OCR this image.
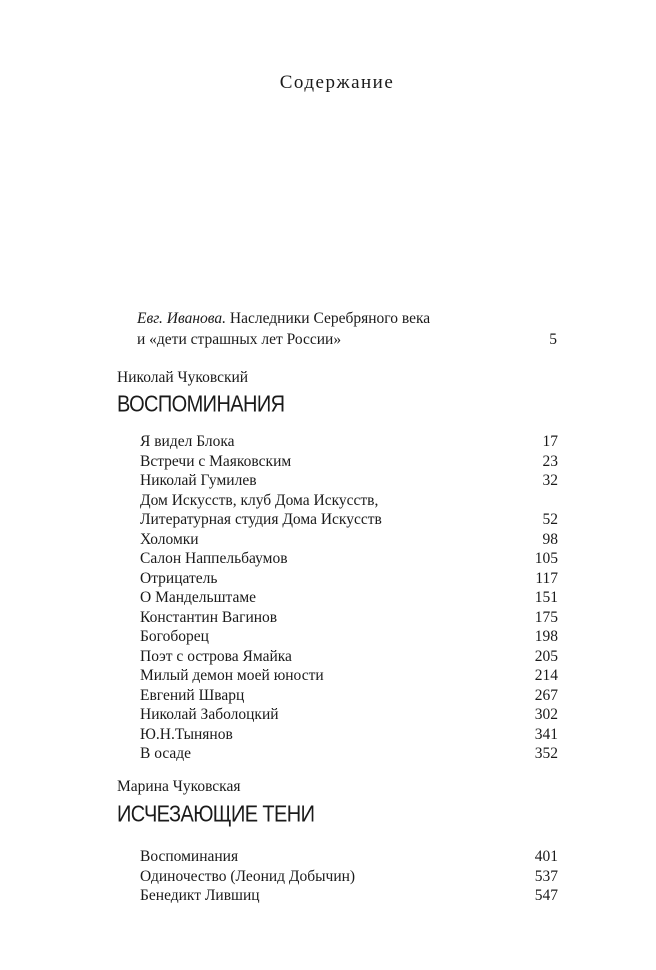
Содержание
Евг. Иванова. Наследники Серебряного века
и «дети страшных лет России»	5
Николай Чуковский
ВОСПОМИНАНИЯ
Я видел Блока	17
Встречи с Маяковским	23
Николай Гумилев	32
Дом Искусств, клуб Дома Искусств,
Литературная студия Дома Искусств	52
Холомки	98
Салон Наппельбаумов	105
Отрицатель	117
О Мандельштаме	151
Константин Вагинов	175
Богоборец	198
Поэт с острова Ямайка	205
Милый демон моей юности	214
Евгений Шварц	267
Николай Заболоцкий	302
Ю.Н.Тынянов	341
В осаде	352
Марина Чуковская
ИСЧЕЗАЮЩИЕ ТЕНИ
Воспоминания	401
Одиночество (Леонид Добычин)	537
Бенедикт Лившиц	547
